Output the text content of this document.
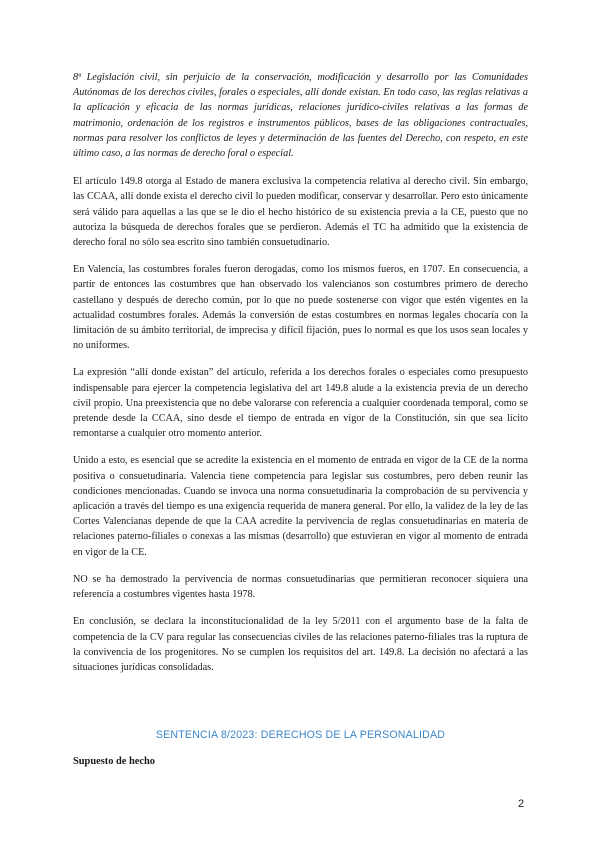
8ª Legislación civil, sin perjuicio de la conservación, modificación y desarrollo por las Comunidades Autónomas de los derechos civiles, forales o especiales, allí donde existan. En todo caso, las reglas relativas a la aplicación y eficacia de las normas jurídicas, relaciones jurídico-civiles relativas a las formas de matrimonio, ordenación de los registros e instrumentos públicos, bases de las obligaciones contractuales, normas para resolver los conflictos de leyes y determinación de las fuentes del Derecho, con respeto, en este último caso, a las normas de derecho foral o especial.

El artículo 149.8 otorga al Estado de manera exclusiva la competencia relativa al derecho civil. Sin embargo, las CCAA, allí donde exista el derecho civil lo pueden modificar, conservar y desarrollar. Pero esto únicamente será válido para aquellas a las que se le dio el hecho histórico de su existencia previa a la CE, puesto que no autoriza la búsqueda de derechos forales que se perdieron. Además el TC ha admitido que la existencia de derecho foral no sólo sea escrito sino también consuetudinario.

En Valencia, las costumbres forales fueron derogadas, como los mismos fueros, en 1707. En consecuencia, a partir de entonces las costumbres que han observado los valencianos son costumbres primero de derecho castellano y después de derecho común, por lo que no puede sostenerse con vigor que estén vigentes en la actualidad costumbres forales. Además la conversión de estas costumbres en normas legales chocaría con la limitación de su ámbito territorial, de imprecisa y difícil fijación, pues lo normal es que los usos sean locales y no uniformes.

La expresión “allí donde existan” del artículo, referida a los derechos forales o especiales como presupuesto indispensable para ejercer la competencia legislativa del art 149.8 alude a la existencia previa de un derecho civil propio. Una preexistencia que no debe valorarse con referencia a cualquier coordenada temporal, como se pretende desde la CCAA, sino desde el tiempo de entrada en vigor de la Constitución, sin que sea lícito remontarse a cualquier otro momento anterior.

Unido a esto, es esencial que se acredite la existencia en el momento de entrada en vigor de la CE de la norma positiva o consuetudinaria. Valencia tiene competencia para legislar sus costumbres, pero deben reunir las condiciones mencionadas. Cuando se invoca una norma consuetudinaria la comprobación de su pervivencia y aplicación a través del tiempo es una exigencia requerida de manera general. Por ello, la validez de la ley de las Cortes Valencianas depende de que la CAA acredite la pervivencia de reglas consuetudinarias en materia de relaciones paterno-filiales o conexas a las mismas (desarrollo) que estuvieran en vigor al momento de entrada en vigor de la CE.

NO se ha demostrado la pervivencia de normas consuetudinarias que permitieran reconocer siquiera una referencia a costumbres vigentes hasta 1978.

En conclusión, se declara la inconstitucionalidad de la ley 5/2011 con el argumento base de la falta de competencia de la CV para regular las consecuencias civiles de las relaciones paterno-filiales tras la ruptura de la convivencia de los progenitores. No se cumplen los requisitos del art. 149.8. La decisión no afectará a las situaciones jurídicas consolidadas.

SENTENCIA 8/2023: DERECHOS DE LA PERSONALIDAD
Supuesto de hecho
2
